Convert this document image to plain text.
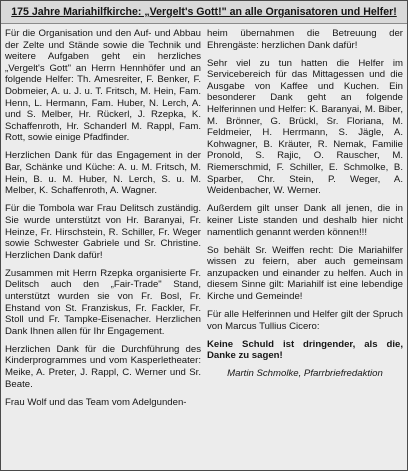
175 Jahre Mariahilfkirche: „Vergelt's Gott!" an alle Organisatoren und Helfer!

Für die Organisation und den Auf- und Abbau der Zelte und Stände sowie die Technik und weitere Aufgaben geht ein herzliches „Vergelt's Gott" an Herrn Hennhöfer und an folgende Helfer: Th. Amesreiter, F. Benker, F. Dobmeier, A. u. J. u. T. Fritsch, M. Hein, Fam. Henn, L. Hermann, Fam. Huber, N. Lerch, A. und S. Melber, Hr. Rückerl, J. Rzepka, K. Schaffenroth, Hr. Schanderl M. Rappl, Fam. Rott, sowie einige Pfadfinder.

Herzlichen Dank für das Engagement in der Bar, Schänke und Küche: A. u. M. Fritsch, M. Hein, B. u. M. Huber, N. Lerch, S. u. M. Melber, K. Schaffenroth, A. Wagner.

Für die Tombola war Frau Delitsch zuständig. Sie wurde unterstützt von Hr. Baranyai, Fr. Heinze, Fr. Hirschstein, R. Schiller, Fr. Weger sowie Schwester Gabriele und Sr. Christine. Herzlichen Dank dafür!

Zusammen mit Herrn Rzepka organisierte Fr. Delitsch auch den „Fair-Trade" Stand, unterstützt wurden sie von Fr. Bosl, Fr. Ehstand von St. Franziskus, Fr. Fackler, Fr. Stoll und Fr. Tampke-Eisenacher. Herzlichen Dank Ihnen allen für Ihr Engagement.

Herzlichen Dank für die Durchführung des Kinderprogrammes und vom Kasperletheater: Meike, A. Preter, J. Rappl, C. Werner und Sr. Beate.

Frau Wolf und das Team vom Adelgunden-

heim übernahmen die Betreuung der Ehrengäste: herzlichen Dank dafür!

Sehr viel zu tun hatten die Helfer im Servicebereich für das Mittagessen und die Ausgabe von Kaffee und Kuchen. Ein besonderer Dank geht an folgende Helferinnen und Helfer: K. Baranyai, M. Biber, M. Brönner, G. Brückl, Sr. Floriana, M. Feldmeier, H. Herrmann, S. Jägle, A. Kohwagner, B. Kräuter, R. Nemak, Familie Pronold, S. Rajic, O. Rauscher, M. Riemerschmid, F. Schiller, E. Schmolke, B. Sparber, Chr. Stein, P. Weger, A. Weidenbacher, W. Werner.

Außerdem gilt unser Dank all jenen, die in keiner Liste standen und deshalb hier nicht namentlich genannt werden können!!!

So behält Sr. Weiffen recht: Die Mariahilfer wissen zu feiern, aber auch gemeinsam anzupacken und einander zu helfen. Auch in diesem Sinne gilt: Mariahilf ist eine lebendige Kirche und Gemeinde!

Für alle Helferinnen und Helfer gilt der Spruch von Marcus Tullius Cicero:

Keine Schuld ist dringender, als die, Danke zu sagen!

Martin Schmolke, Pfarrbriefredaktion
